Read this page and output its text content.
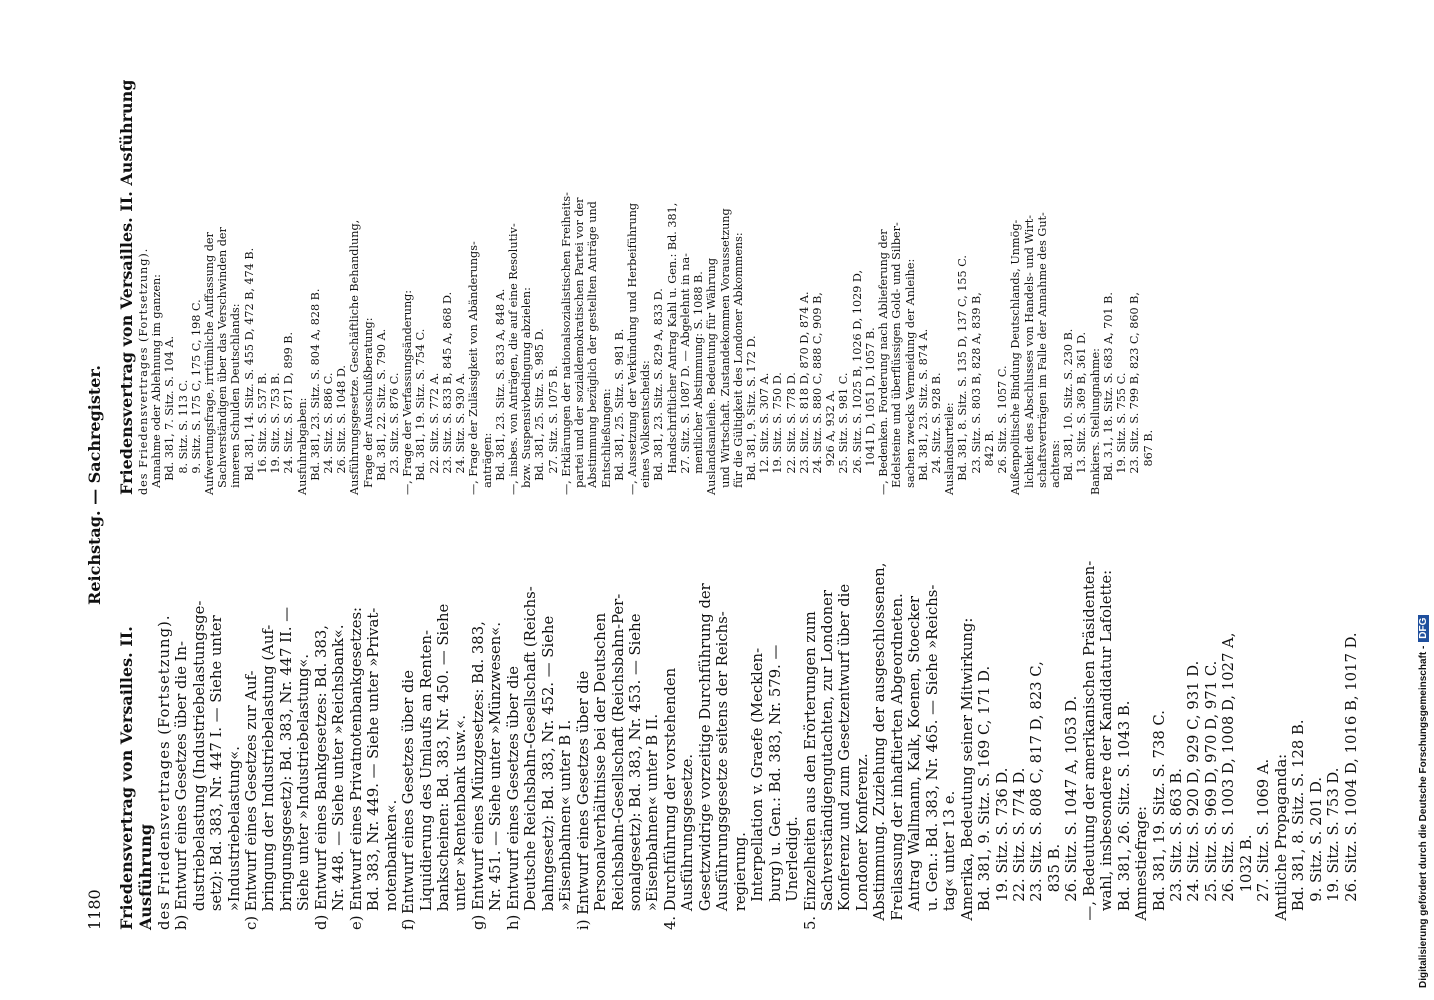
1180
Reichstag. — Sachregister.
Friedensvertrag von Versailles. II. Ausführung des Friedensvertrages (Fortsetzung). b) Entwurf eines Gesetzes über die In- dustriebelastung (Industriebelastungsge- setz): Bd. 383, Nr. 447 I. — Siehe unter »Industriebelastung«. c) Entwurf eines Gesetzes zur Auf- bringung der Industriebelastung (Auf- bringungsgesetz): Bd. 383, Nr. 447 II. — Siehe unter »Industriebelastung«. d) Entwurf eines Bankgesetzes: Bd. 383, Nr. 448. — Siehe unter »Reichsbank«. e) Entwurf eines Privatnotenbankgesetzes: Bd. 383, Nr. 449. — Siehe unter »Privat- notenbanken«. f) Entwurf eines Gesetzes über die Liquidierung des Umlaufs an Renten- bankscheinen: Bd. 383, Nr. 450. — Siehe unter »Rentenbank usw.«. g) Entwurf eines Münzgesetzes: Bd. 383, Nr. 451. — Siehe unter »Münzwesen«. h) Entwurf eines Gesetzes über die Deutsche Reichsbahn-Gesellschaft (Reichs- bahngesetz): Bd. 383, Nr. 452. — Siehe »Eisenbahnen« unter B I. i) Entwurf eines Gesetzes über die Personalverhältnisse bei der Deutschen Reichsbahn-Gesellschaft (Reichsbahn-Per- sonalgesetz): Bd. 383, Nr. 453. — Siehe »Eisenbahnen« unter B II. 4. Durchführung der vorstehenden Ausführungsgesetze. Gesetzwidrige vorzeitige Durchführung der Ausführungsgesetze seitens der Reichs- regierung. Interpellation v. Graefe (Mecklen- burg) u. Gen.: Bd. 383, Nr. 579. — Unerledigt. 5. Einzelheiten aus den Erörterungen zum Sachverständigengutachten, zur Londoner Konferenz und zum Gesetzentwurf über die Londoner Konferenz. Abstimmung. Zuziehung der ausgeschlossenen, Freilassung der inhaftierten Abgeordneten. Antrag Wallmann, Kalk, Koenen, Stoecker u. Gen.: Bd. 383, Nr. 465. — Siehe »Reichs- tag« unter 13 e. Amerika, Bedeutung seiner Mitwirkung: Bd. 381, 9. Sitz. S. 169 C, 171 D. 19. Sitz. S. 736 D. 22. Sitz. S. 774 D. 23. Sitz. S. 808 C, 817 D, 823 C, 835 B. 26. Sitz. S. 1047 A, 1053 D. —, Bedeutung der amerikanischen Präsidenten- wahl, insbesondere der Kandidatur Lafolette: Bd. 381, 26. Sitz. S. 1043 B. Amnestiefrage: Bd. 381, 19. Sitz. S. 738 C. 23. Sitz. S. 863 B. 24. Sitz. S. 920 D, 929 C, 931 D. 25. Sitz. S. 969 D, 970 D, 971 C. 26. Sitz. S. 1003 D, 1008 D, 1027 A, 1032 B. 27. Sitz. S. 1069 A. Amtliche Propaganda: Bd. 381, 8. Sitz. S. 128 B. 9. Sitz. S. 201 D. 19. Sitz. S. 753 D. 26. Sitz. S. 1004 D, 1016 B, 1017 D.
Friedensvertrag von Versailles. II. Ausführung des Friedensvertrages (Fortsetzung). Annahme oder Ablehnung im ganzen: Bd. 381, 7. Sitz. S. 104 A. 8. Sitz. S. 113 C. 9. Sitz. S. 175 C, 175 C, 198 C. Aufwertungsfrage, irrtümliche Auffassung der Sachverständigen über das Verschwinden der inneren Schulden Deutschlands: Bd. 381, 14. Sitz. S. 455 D, 472 B, 474 B. 16. Sitz. S. 537 B. 19. Sitz. S. 753 B. 24. Sitz. S. 871 D, 899 B. Ausfuhrabgaben: Bd. 381, 23. Sitz. S. 804 A, 828 B. 24. Sitz. S. 886 C. 26. Sitz. S. 1048 D. Ausführungsgesetze. Geschäftliche Behandlung, Frage der Ausschußberatung: Bd. 381, 22. Sitz. S. 790 A. 23. Sitz. S. 876 C. —, Frage der Verfassungsänderung: Bd. 381, 19. Sitz. S. 754 C. 22. Sitz. S. 772 A. 23. Sitz. S. 833 B, 845 A, 868 D. 24. Sitz. S. 930 A. —, Frage der Zulässigkeit von Abänderungs- anträgen: Bd. 381, 23. Sitz. S. 833 A, 848 A. —, insbes. von Anträgen, die auf eine Resolutiv- bzw. Suspensivbedingung abzielen: Bd. 381, 25. Sitz. S. 985 D. 27. Sitz. S. 1075 B. —, Erklärungen der nationalsozialistischen Freiheits- partei und der sozialdemokratischen Partei vor der Abstimmung bezüglich der gestellten Anträge und Entschließungen: Bd. 381, 25. Sitz. S. 981 B. —, Aussetzung der Verkündung und Herbeiführung eines Volksentscheids: Bd. 381, 23. Sitz. S. 829 A, 833 D. Handschriftlicher Antrag Kahl u. Gen.: Bd. 381, 27. Sitz. S. 1087 D. — Abgelehnt in na- mentlicher Abstimmung: S. 1088 B. Auslandsanleihe. Bedeutung für Währung und Wirtschaft. Zustandekommen Voraussetzung für die Gültigkeit des Londoner Abkommens: Bd. 381, 9. Sitz. S. 172 D. 12. Sitz. S. 307 A. 19. Sitz. S. 750 D. 22. Sitz. S. 778 D. 23. Sitz. S. 818 D, 870 D, 874 A. 24. Sitz. S. 880 C, 888 C, 909 B, 926 A, 932 A. 25. Sitz. S. 981 C. 26. Sitz. S. 1025 B, 1026 D, 1029 D, 1041 D, 1051 D, 1057 B. —, Bedenken. Forderung nach Ablieferung der Edelsteine und überflüssigen Gold- und Silber- sachen zwecks Vermeidung der Anleihe: Bd. 381, 23. Sitz. S. 874 A. 24. Sitz. S. 928 B. Auslandsurteile: Bd. 381, 8. Sitz. S. 135 D, 137 C, 155 C. 23. Sitz. S. 803 B, 828 A, 839 B, 842 B. 26. Sitz. S. 1057 C. Außenpolitische Bindung Deutschlands, Unmög- lichkeit des Abschlusses von Handels- und Wirt- schaftsverträgen im Falle der Annahme des Gut- achtens: Bd. 381, 10. Sitz. S. 230 B. 13. Sitz. S. 369 B, 361 D. Bankiers. Stellungnahme: Bd. 3.1, 18. Sitz. S. 683 A, 701 B. 19. Sitz. S. 755 C. 23. Sitz. S. 799 B, 823 C, 860 B, 867 B.
Digitalisierung gefördert durch die Deutsche Forschungsgemeinschaft -DFG
